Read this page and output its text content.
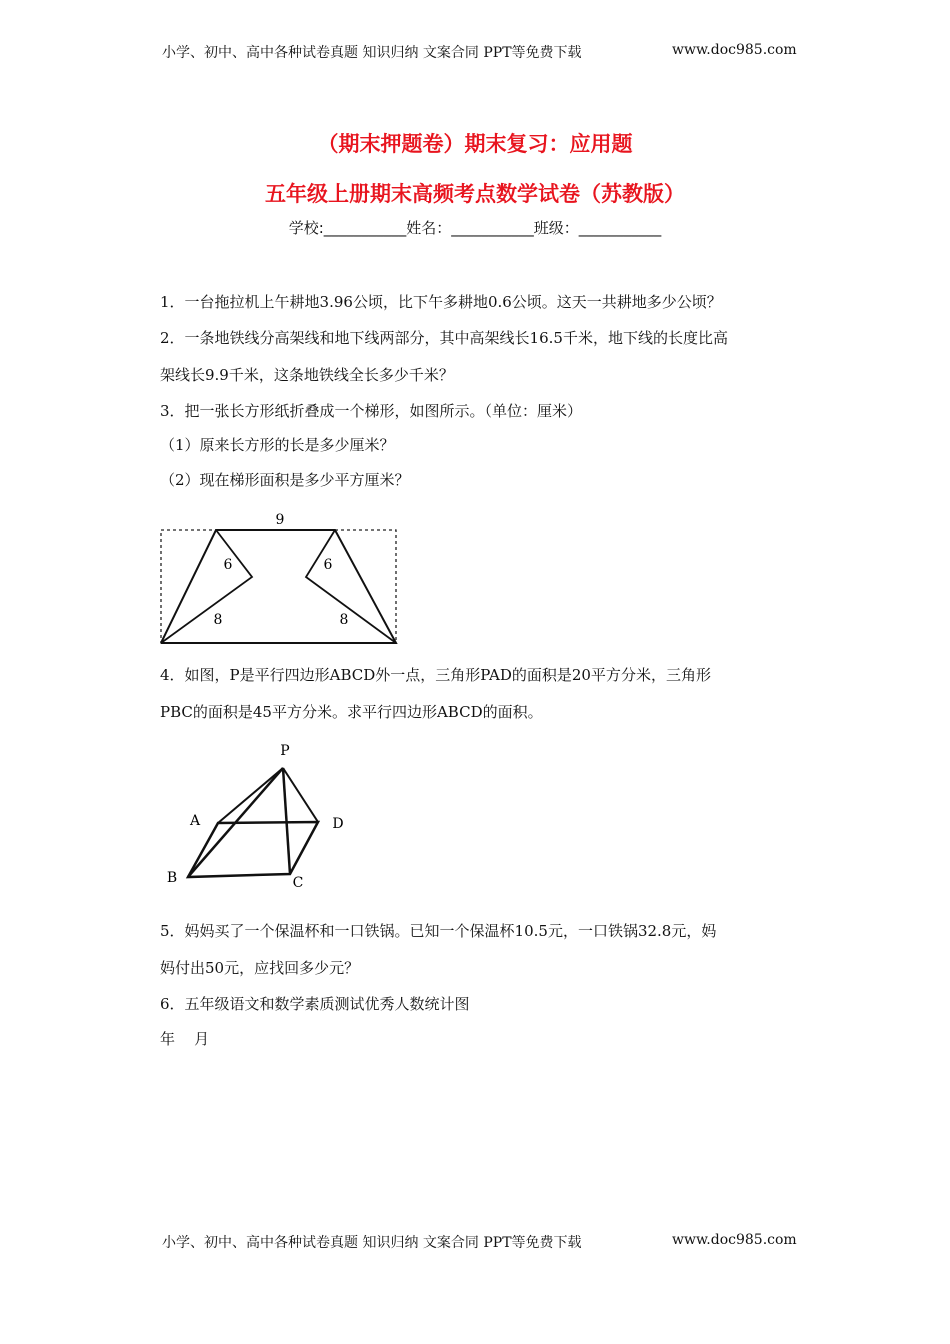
小学、初中、高中各种试卷真题 知识归纳 文案合同 PPT等免费下载	www.doc985.com
（期末押题卷）期末复习：应用题
五年级上册期末高频考点数学试卷（苏教版）
学校:___________姓名：___________班级：___________
1．一台拖拉机上午耕地3.96公顷，比下午多耕地0.6公顷。这天一共耕地多少公顷？
2．一条地铁线分高架线和地下线两部分，其中高架线长16.5千米，地下线的长度比高
架线长9.9千米，这条地铁线全长多少千米？
3．把一张长方形纸折叠成一个梯形，如图所示。（单位：厘米）
（1）原来长方形的长是多少厘米？
（2）现在梯形面积是多少平方厘米？
9
6
8
6
8
4．如图，P是平行四边形ABCD外一点，三角形PAD的面积是20平方分米，三角形
PBC的面积是45平方分米。求平行四边形ABCD的面积。
P
A
B	C
D
5．妈妈买了一个保温杯和一口铁锅。已知一个保温杯10.5元，一口铁锅32.8元，妈
妈付出50元，应找回多少元？
6．五年级语文和数学素质测试优秀人数统计图
年    月
小学、初中、高中各种试卷真题 知识归纳 文案合同 PPT等免费下载	www.doc985.com
